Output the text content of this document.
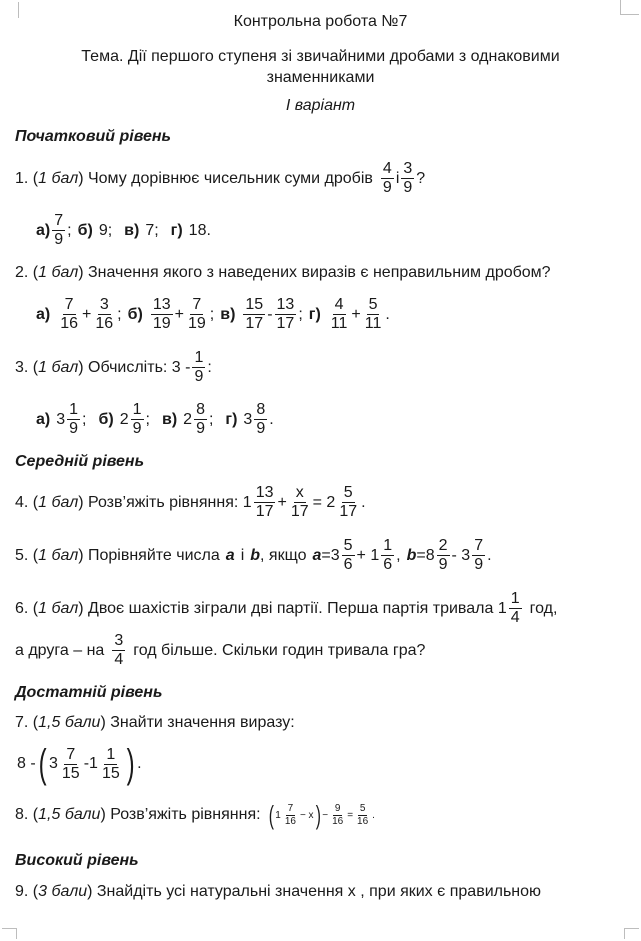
Контрольна робота №7
Тема. Дії першого ступеня зі звичайними дробами з однаковими
знаменниками
І варіант
Початковий рівень
1. ( 1 бал ) Чому дорівнює чисельник суми дробів $\frac{4}{9}$ і $\frac{3}{9}$ ?
$а) \frac{7}{9}$ ; б) 9; в) 7; г) 18.
2. ( 1 бал ) Значення якого з наведених виразів є неправильним дробом?
$а) \frac{7}{16} + \frac{3}{16}$ ; $б) \frac{13}{19} + \frac{7}{19}$ ; $в) \frac{15}{17} - \frac{13}{17}$ ; $г) \frac{4}{11} + \frac{5}{11}$ .
3. ( 1 бал ) Обчисліть: $3 - \frac{1}{9}$ :
а) $3 \frac{1}{9}$ ; б) $2 \frac{1}{9}$ ; в) $2 \frac{8}{9}$ ; г) $3 \frac{8}{9}$ .
Середній рівень
4. ( 1 бал ) Розв’яжіть рівняння: $1 \frac{13}{17} + \frac{x}{17} = 2 \frac{5}{17}$ .
5. ( 1 бал ) Порівняйте числа а і b , якщо $а =3 \frac{5}{6} + 1 \frac{1}{6}$ , $b =8 \frac{2}{9} - 3 \frac{7}{9}$ .
6. ( 1 бал ) Двоє шахістів зіграли дві партії. Перша партія тривала $1 \frac{1}{4}$ год,
а друга – на $\frac{3}{4}$ год більше. Скільки годин тривала гра?
Достатній рівень
7. ( 1,5 бали ) Знайти значення виразу:
8 - ( $3 \frac{7}{15} -1 \frac{1}{15}$ ) .
8. ( 1,5 бали ) Розв’яжіть рівняння: ( $1 \frac{7}{16} - x$ ) − $\frac{9}{16} = \frac{5}{16}$ .
Високий рівень
9. ( 3 бали ) Знайдіть усі натуральні значення х , при яких є правильною
